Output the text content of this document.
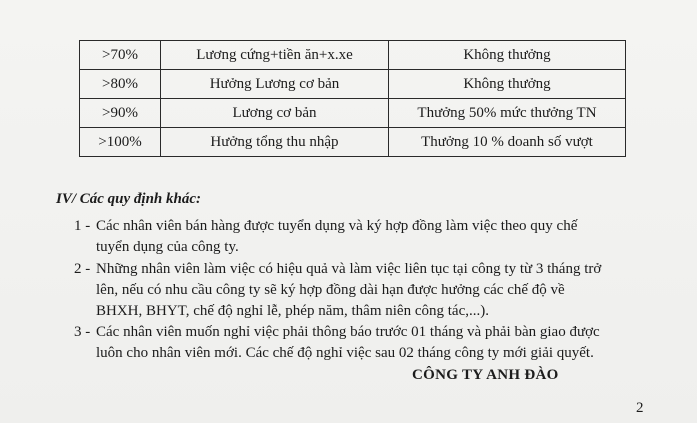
>70%	Lương cứng+tiền ăn+x.xe	Không thưởng
>80%	Hưởng Lương cơ bản	Không thưởng
>90%	Lương cơ bản	Thưởng 50% mức thưởng TN
>100%	Hưởng tổng thu nhập	Thưởng 10 % doanh số vượt

IV/ Các quy định khác:

1 - Các nhân viên bán hàng được tuyển dụng và ký hợp đồng làm việc theo quy chế
tuyển dụng của công ty.
2 - Những nhân viên làm việc có hiệu quả và làm việc liên tục tại công ty từ 3 tháng trở
lên, nếu có nhu cầu công ty sẽ ký hợp đồng dài hạn được hưởng các chế độ về
BHXH, BHYT, chế độ nghỉ lễ, phép năm, thâm niên công tác,...).
3 - Các nhân viên muốn nghỉ việc phải thông báo trước 01 tháng và phải bàn giao được
luôn cho nhân viên mới. Các chế độ nghỉ việc sau 02 tháng công ty mới giải quyết.
CÔNG TY ANH ĐÀO
2
